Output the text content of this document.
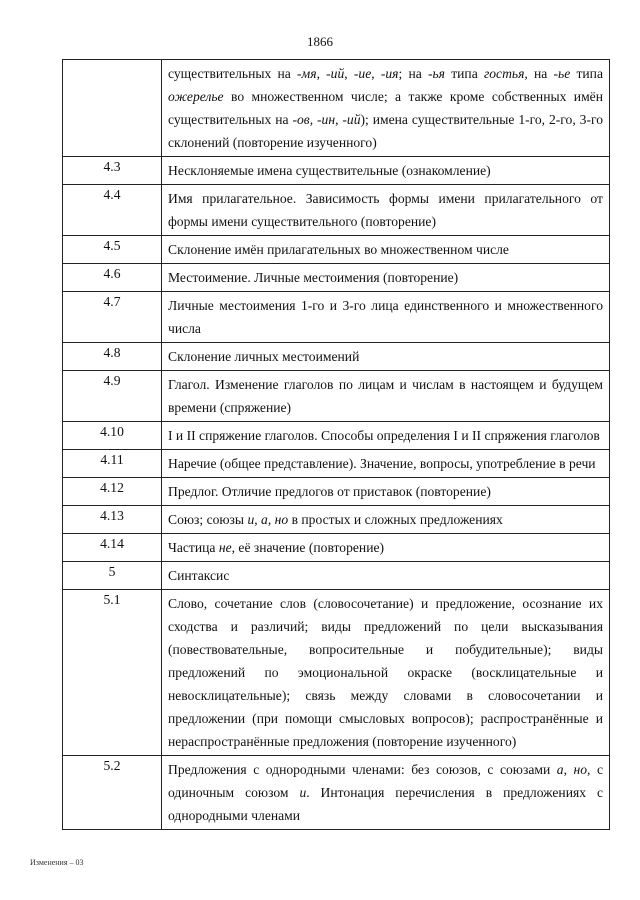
1866
	существительных на -мя, -ий, -ие, -ия; на -ья типа гостья, на -ье типа ожерелье во множественном числе; а также кроме собственных имён существительных на -ов, -ин, -ий); имена существительные 1-го, 2-го, 3-го склонений (повторение изученного)
4.3	Несклоняемые имена существительные (ознакомление)
4.4	Имя прилагательное. Зависимость формы имени прилагательного от формы имени существительного (повторение)
4.5	Склонение имён прилагательных во множественном числе
4.6	Местоимение. Личные местоимения (повторение)
4.7	Личные местоимения 1-го и 3-го лица единственного и множественного числа
4.8	Склонение личных местоимений
4.9	Глагол. Изменение глаголов по лицам и числам в настоящем и будущем времени (спряжение)
4.10	I и II спряжение глаголов. Способы определения I и II спряжения глаголов
4.11	Наречие (общее представление). Значение, вопросы, употребление в речи
4.12	Предлог. Отличие предлогов от приставок (повторение)
4.13	Союз; союзы и, а, но в простых и сложных предложениях
4.14	Частица не, её значение (повторение)
5	Синтаксис
5.1	Слово, сочетание слов (словосочетание) и предложение, осознание их сходства и различий; виды предложений по цели высказывания (повествовательные, вопросительные и побудительные); виды предложений по эмоциональной окраске (восклицательные и невосклицательные); связь между словами в словосочетании и предложении (при помощи смысловых вопросов); распространённые и нераспространённые предложения (повторение изученного)
5.2	Предложения с однородными членами: без союзов, с союзами а, но, с одиночным союзом и. Интонация перечисления в предложениях с однородными членами
Изменения – 03
